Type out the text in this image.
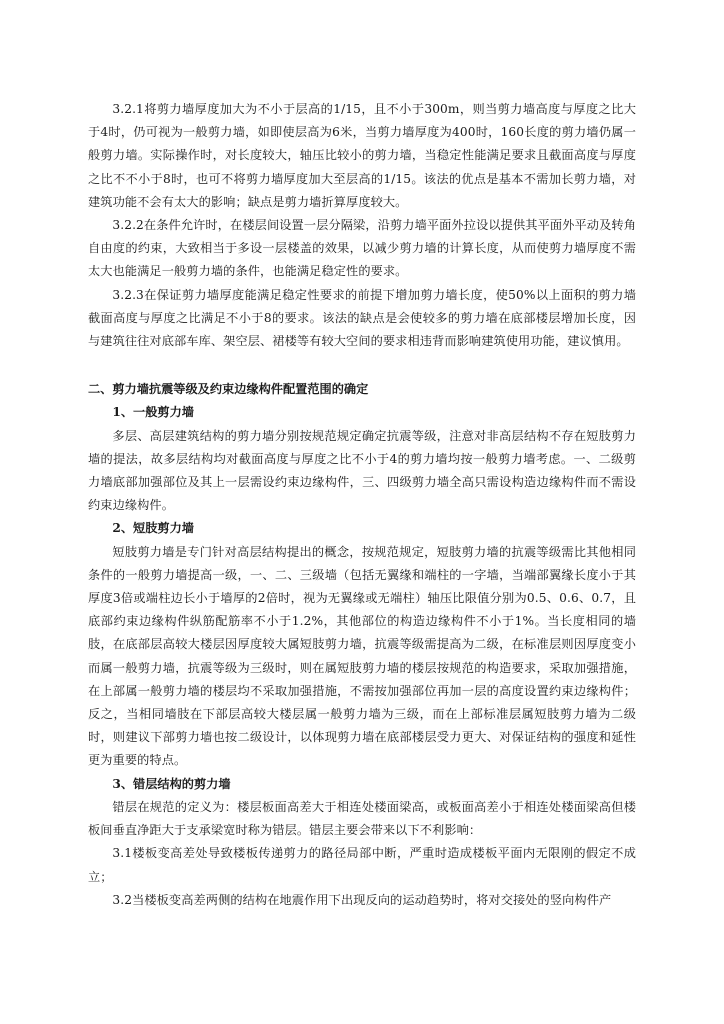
3.2.1将剪力墙厚度加大为不小于层高的1/15，且不小于300m，则当剪力墙高度与厚度之比大于4时，仍可视为一般剪力墙，如即使层高为6米，当剪力墙厚度为400时，160长度的剪力墙仍属一般剪力墙。实际操作时，对长度较大，轴压比较小的剪力墙，当稳定性能满足要求且截面高度与厚度之比不不小于8时，也可不将剪力墙厚度加大至层高的1/15。该法的优点是基本不需加长剪力墙，对建筑功能不会有太大的影响；缺点是剪力墙折算厚度较大。

3.2.2在条件允许时，在楼层间设置一层分隔梁，沿剪力墙平面外拉设以提供其平面外平动及转角自由度的约束，大致相当于多设一层楼盖的效果，以减少剪力墙的计算长度，从而使剪力墙厚度不需太大也能满足一般剪力墙的条件，也能满足稳定性的要求。

3.2.3在保证剪力墙厚度能满足稳定性要求的前提下增加剪力墙长度，使50%以上面积的剪力墙截面高度与厚度之比满足不小于8的要求。该法的缺点是会使较多的剪力墙在底部楼层增加长度，因与建筑往往对底部车库、架空层、裙楼等有较大空间的要求相违背而影响建筑使用功能，建议慎用。

二、剪力墙抗震等级及约束边缘构件配置范围的确定
1、一般剪力墙

多层、高层建筑结构的剪力墙分别按规范规定确定抗震等级，注意对非高层结构不存在短肢剪力墙的提法，故多层结构均对截面高度与厚度之比不小于4的剪力墙均按一般剪力墙考虑。一、二级剪力墙底部加强部位及其上一层需设约束边缘构件，三、四级剪力墙全高只需设构造边缘构件而不需设约束边缘构件。

2、短肢剪力墙

短肢剪力墙是专门针对高层结构提出的概念，按规范规定，短肢剪力墙的抗震等级需比其他相同条件的一般剪力墙提高一级，一、二、三级墙（包括无翼缘和端柱的一字墙，当端部翼缘长度小于其厚度3倍或端柱边长小于墙厚的2倍时，视为无翼缘或无端柱）轴压比限值分别为0.5、0.6、0.7，且底部约束边缘构件纵筋配筋率不小于1.2%，其他部位的构造边缘构件不小于1%。当长度相同的墙肢，在底部层高较大楼层因厚度较大属短肢剪力墙，抗震等级需提高为二级，在标准层则因厚度变小而属一般剪力墙，抗震等级为三级时，则在属短肢剪力墙的楼层按规范的构造要求，采取加强措施，在上部属一般剪力墙的楼层均不采取加强措施，不需按加强部位再加一层的高度设置约束边缘构件；反之，当相同墙肢在下部层高较大楼层属一般剪力墙为三级，而在上部标准层属短肢剪力墙为二级时，则建议下部剪力墙也按二级设计，以体现剪力墙在底部楼层受力更大、对保证结构的强度和延性更为重要的特点。

3、错层结构的剪力墙

错层在规范的定义为：楼层板面高差大于相连处楼面梁高，或板面高差小于相连处楼面梁高但楼板间垂直净距大于支承梁宽时称为错层。错层主要会带来以下不利影响：

3.1楼板变高差处导致楼板传递剪力的路径局部中断，严重时造成楼板平面内无限刚的假定不成立；

3.2当楼板变高差两侧的结构在地震作用下出现反向的运动趋势时，将对交接处的竖向构件产
